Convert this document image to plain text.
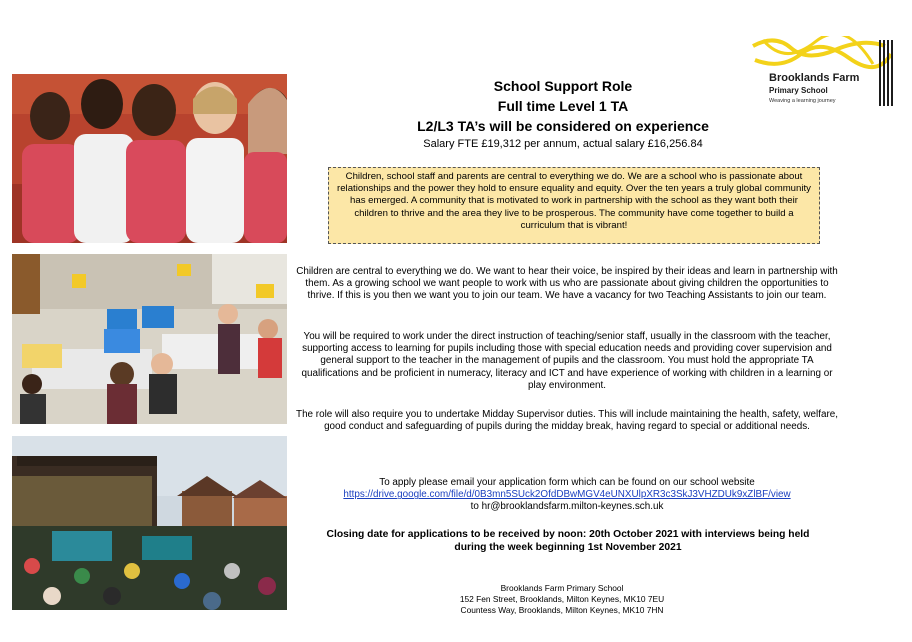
Brooklands Farm
Primary School
Weaving a learning journey
School Support Role
Full time Level 1 TA
L2/L3 TA’s will be considered on experience
Salary FTE £19,312 per annum, actual salary £16,256.84
Children, school staff and parents are central to everything we do. We are a school who is passionate about relationships and the power they hold to ensure equality and equity. Over the ten years a truly global community has emerged. A community that is motivated to work in partnership with the school as they want both their children to thrive and the area they live to be prosperous. The community have come together to build a curriculum that is vibrant!
Children are central to everything we do. We want to hear their voice, be inspired by their ideas and learn in partnership with them. As a growing school we want people to work with us who are passionate about giving children the opportunities to thrive. If this is you then we want you to join our team. We have a vacancy for two Teaching Assistants to join our team.
You will be required to work under the direct instruction of teaching/senior staff, usually in the classroom with the teacher, supporting access to learning for pupils including those with special education needs and providing cover supervision and general support to the teacher in the management of pupils and the classroom. You must hold the appropriate TA qualifications and be proficient in numeracy, literacy and ICT and have experience of working with children in a learning or play environment.
The role will also require you to undertake Midday Supervisor duties. This will include maintaining the health, safety, welfare, good conduct and safeguarding of pupils during the midday break, having regard to special or additional needs.
To apply please email your application form which can be found on our school website
https://drive.google.com/file/d/0B3mn5SUck2OfdDBwMGV4eUNXUlpXR3c3SkJ3VHZDUk9xZlBF/view
to hr@brooklandsfarm.milton-keynes.sch.uk
Closing date for applications to be received by noon: 20th October 2021 with interviews being held
during the week beginning 1st November 2021
Brooklands Farm Primary School
152 Fen Street, Brooklands, Milton Keynes, MK10 7EU
Countess Way, Brooklands, Milton Keynes, MK10 7HN
